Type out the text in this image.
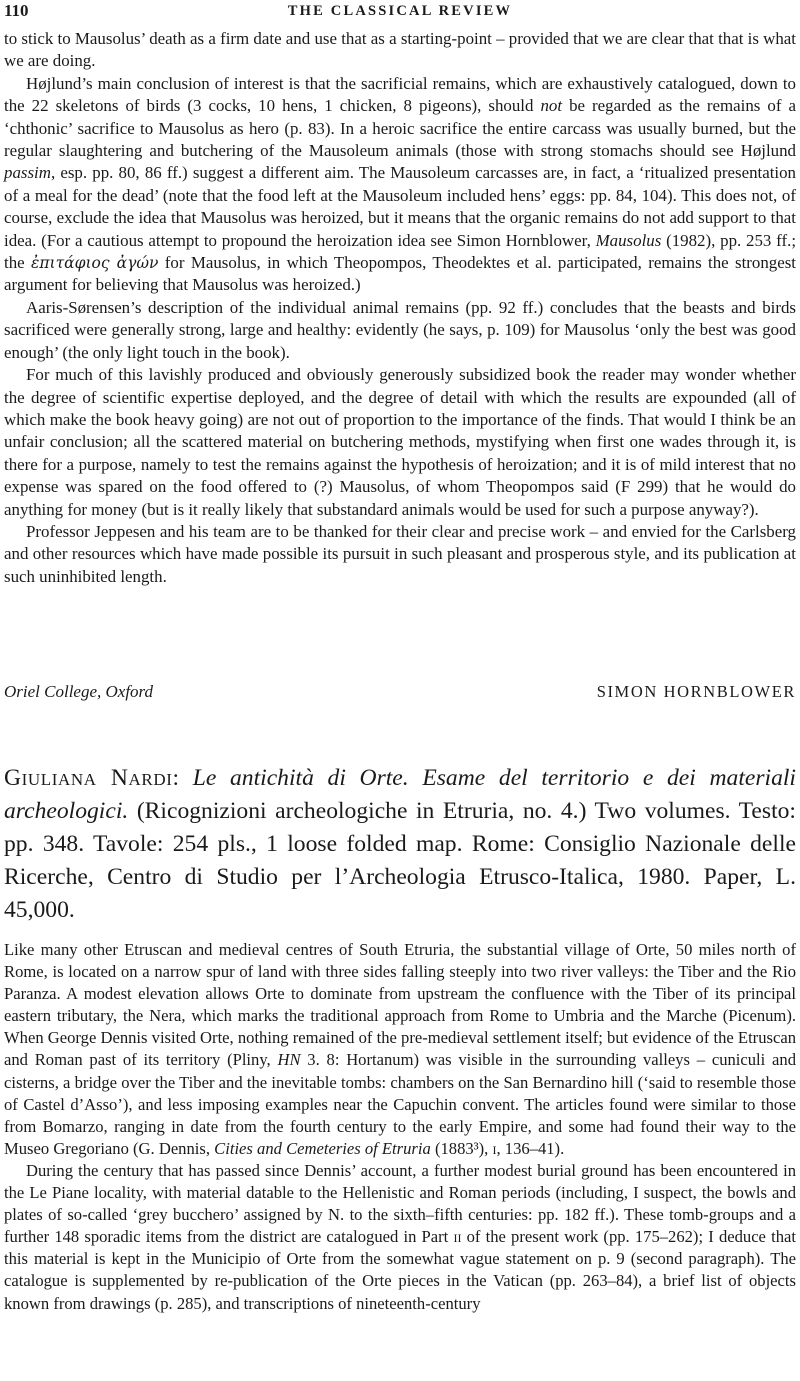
110	THE CLASSICAL REVIEW

to stick to Mausolus’ death as a firm date and use that as a starting-point – provided that we are clear that that is what we are doing.

Højlund’s main conclusion of interest is that the sacrificial remains, which are exhaustively catalogued, down to the 22 skeletons of birds (3 cocks, 10 hens, 1 chicken, 8 pigeons), should not be regarded as the remains of a ‘chthonic’ sacrifice to Mausolus as hero (p. 83). In a heroic sacrifice the entire carcass was usually burned, but the regular slaughtering and butchering of the Mausoleum animals (those with strong stomachs should see Højlund passim, esp. pp. 80, 86 ff.) suggest a different aim. The Mausoleum carcasses are, in fact, a ‘ritualized presentation of a meal for the dead’ (note that the food left at the Mausoleum included hens’ eggs: pp. 84, 104). This does not, of course, exclude the idea that Mausolus was heroized, but it means that the organic remains do not add support to that idea. (For a cautious attempt to propound the heroization idea see Simon Hornblower, Mausolus (1982), pp. 253 ff.; the ἐπιτάφιος ἀγών for Mausolus, in which Theopompos, Theodektes et al. participated, remains the strongest argument for believing that Mausolus was heroized.)

Aaris-Sørensen’s description of the individual animal remains (pp. 92 ff.) concludes that the beasts and birds sacrificed were generally strong, large and healthy: evidently (he says, p. 109) for Mausolus ‘only the best was good enough’ (the only light touch in the book).

For much of this lavishly produced and obviously generously subsidized book the reader may wonder whether the degree of scientific expertise deployed, and the degree of detail with which the results are expounded (all of which make the book heavy going) are not out of proportion to the importance of the finds. That would I think be an unfair conclusion; all the scattered material on butchering methods, mystifying when first one wades through it, is there for a purpose, namely to test the remains against the hypothesis of heroization; and it is of mild interest that no expense was spared on the food offered to (?) Mausolus, of whom Theopompos said (F 299) that he would do anything for money (but is it really likely that substandard animals would be used for such a purpose anyway?).

Professor Jeppesen and his team are to be thanked for their clear and precise work – and envied for the Carlsberg and other resources which have made possible its pursuit in such pleasant and prosperous style, and its publication at such uninhibited length.

Oriel College, Oxford	SIMON HORNBLOWER
Giuliana Nardi: Le antichità di Orte. Esame del territorio e dei materiali archeologici. (Ricognizioni archeologiche in Etruria, no. 4.) Two volumes. Testo: pp. 348. Tavole: 254 pls., 1 loose folded map. Rome: Consiglio Nazionale delle Ricerche, Centro di Studio per l’Archeologia Etrusco-Italica, 1980. Paper, L. 45,000.

Like many other Etruscan and medieval centres of South Etruria, the substantial village of Orte, 50 miles north of Rome, is located on a narrow spur of land with three sides falling steeply into two river valleys: the Tiber and the Rio Paranza. A modest elevation allows Orte to dominate from upstream the confluence with the Tiber of its principal eastern tributary, the Nera, which marks the traditional approach from Rome to Umbria and the Marche (Picenum). When George Dennis visited Orte, nothing remained of the pre-medieval settlement itself; but evidence of the Etruscan and Roman past of its territory (Pliny, HN 3. 8: Hortanum) was visible in the surrounding valleys – cuniculi and cisterns, a bridge over the Tiber and the inevitable tombs: chambers on the San Bernardino hill (‘said to resemble those of Castel d’Asso’), and less imposing examples near the Capuchin convent. The articles found were similar to those from Bomarzo, ranging in date from the fourth century to the early Empire, and some had found their way to the Museo Gregoriano (G. Dennis, Cities and Cemeteries of Etruria (1883³), i, 136–41).

During the century that has passed since Dennis’ account, a further modest burial ground has been encountered in the Le Piane locality, with material datable to the Hellenistic and Roman periods (including, I suspect, the bowls and plates of so-called ‘grey bucchero’ assigned by N. to the sixth–fifth centuries: pp. 182 ff.). These tomb-groups and a further 148 sporadic items from the district are catalogued in Part ii of the present work (pp. 175–262); I deduce that this material is kept in the Municipio of Orte from the somewhat vague statement on p. 9 (second paragraph). The catalogue is supplemented by re-publication of the Orte pieces in the Vatican (pp. 263–84), a brief list of objects known from drawings (p. 285), and transcriptions of nineteenth-century
